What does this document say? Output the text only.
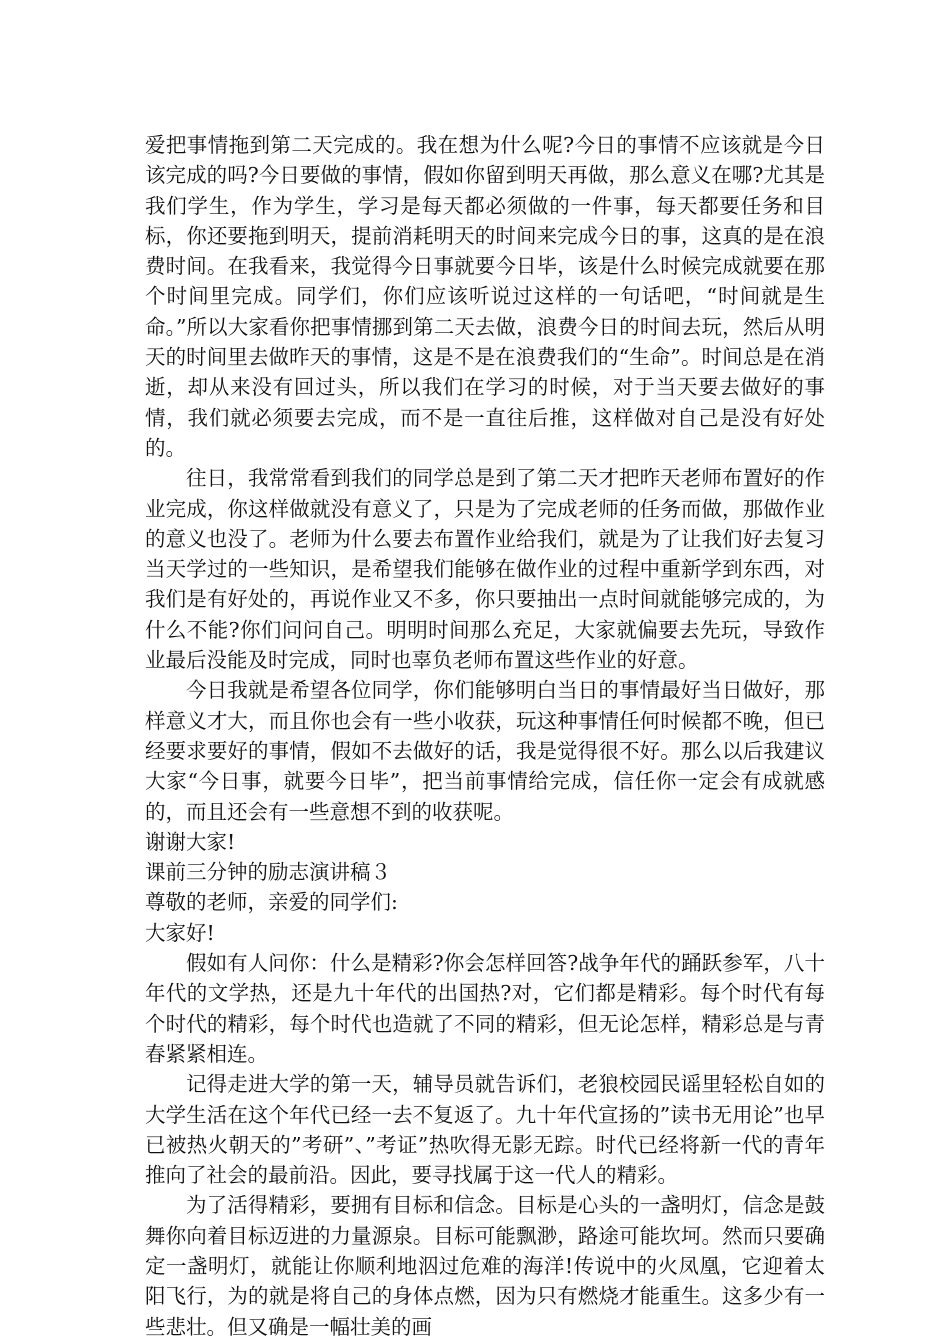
爱把事情拖到第二天完成的。我在想为什么呢?今日的事情不应该就是今日该完成的吗?今日要做的事情，假如你留到明天再做，那么意义在哪?尤其是我们学生，作为学生，学习是每天都必须做的一件事，每天都要任务和目标，你还要拖到明天，提前消耗明天的时间来完成今日的事，这真的是在浪费时间。在我看来，我觉得今日事就要今日毕，该是什么时候完成就要在那个时间里完成。同学们，你们应该听说过这样的一句话吧，“时间就是生命。”所以大家看你把事情挪到第二天去做，浪费今日的时间去玩，然后从明天的时间里去做昨天的事情，这是不是在浪费我们的“生命”。时间总是在消逝，却从来没有回过头，所以我们在学习的时候，对于当天要去做好的事情，我们就必须要去完成，而不是一直往后推，这样做对自己是没有好处的。

往日，我常常看到我们的同学总是到了第二天才把昨天老师布置好的作业完成，你这样做就没有意义了，只是为了完成老师的任务而做，那做作业的意义也没了。老师为什么要去布置作业给我们，就是为了让我们好去复习当天学过的一些知识，是希望我们能够在做作业的过程中重新学到东西，对我们是有好处的，再说作业又不多，你只要抽出一点时间就能够完成的，为什么不能?你们问问自己。明明时间那么充足，大家就偏要去先玩，导致作业最后没能及时完成，同时也辜负老师布置这些作业的好意。

今日我就是希望各位同学，你们能够明白当日的事情最好当日做好，那样意义才大，而且你也会有一些小收获，玩这种事情任何时候都不晚，但已经要求要好的事情，假如不去做好的话，我是觉得很不好。那么以后我建议大家“今日事，就要今日毕”，把当前事情给完成，信任你一定会有成就感的，而且还会有一些意想不到的收获呢。

谢谢大家!

课前三分钟的励志演讲稿３

尊敬的老师，亲爱的同学们:

大家好!

假如有人问你：什么是精彩?你会怎样回答?战争年代的踊跃参军，八十年代的文学热，还是九十年代的出国热?对，它们都是精彩。每个时代有每个时代的精彩，每个时代也造就了不同的精彩，但无论怎样，精彩总是与青春紧紧相连。

记得走进大学的第一天，辅导员就告诉们，老狼校园民谣里轻松自如的大学生活在这个年代已经一去不复返了。九十年代宣扬的”读书无用论”也早已被热火朝天的”考研”、”考证”热吹得无影无踪。时代已经将新一代的青年推向了社会的最前沿。因此，要寻找属于这一代人的精彩。

为了活得精彩，要拥有目标和信念。目标是心头的一盏明灯，信念是鼓舞你向着目标迈进的力量源泉。目标可能飘渺，路途可能坎坷。然而只要确定一盏明灯，就能让你顺利地泅过危难的海洋!传说中的火凤凰，它迎着太阳飞行，为的就是将自己的身体点燃，因为只有燃烧才能重生。这多少有一些悲壮。但又确是一幅壮美的画
